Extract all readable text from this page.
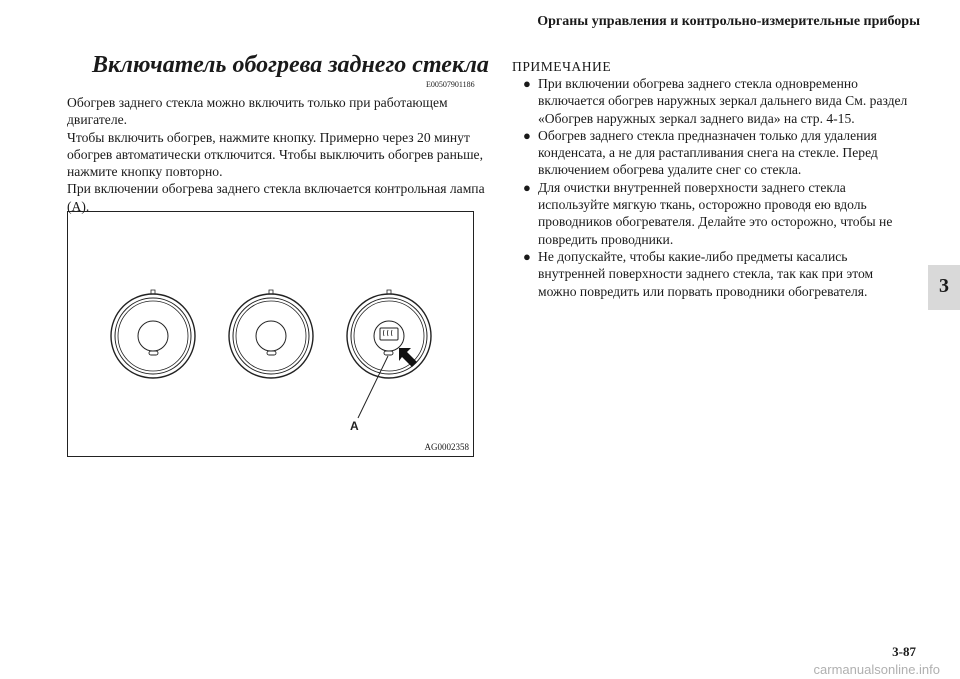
Органы управления и контрольно-измерительные приборы
Включатель обогрева заднего стекла
E00507901186

Обогрев заднего стекла можно включить только при работающем двигателе.

Чтобы включить обогрев, нажмите кнопку. Примерно через 20 минут обогрев автоматически отключится. Чтобы выключить обогрев раньше, нажмите кнопку повторно.

При включении обогрева заднего стекла включается контрольная лампа (A).

A
AG0002358
ПРИМЕЧАНИЕ
● При включении обогрева заднего стекла одновременно включается обогрев наружных зеркал дальнего вида См. раздел «Обогрев наружных зеркал заднего вида» на стр. 4-15.
● Обогрев заднего стекла предназначен только для удаления конденсата, а не для растапливания снега на стекле. Перед включением обогрева удалите снег со стекла.
● Для очистки внутренней поверхности заднего стекла используйте мягкую ткань, осторожно проводя ею вдоль проводников обогревателя. Делайте это осторожно, чтобы не повредить проводники.
● Не допускайте, чтобы какие-либо предметы касались внутренней поверхности заднего стекла, так как при этом можно повредить или порвать проводники обогревателя.	3
3-87
carmanualsonline.info
